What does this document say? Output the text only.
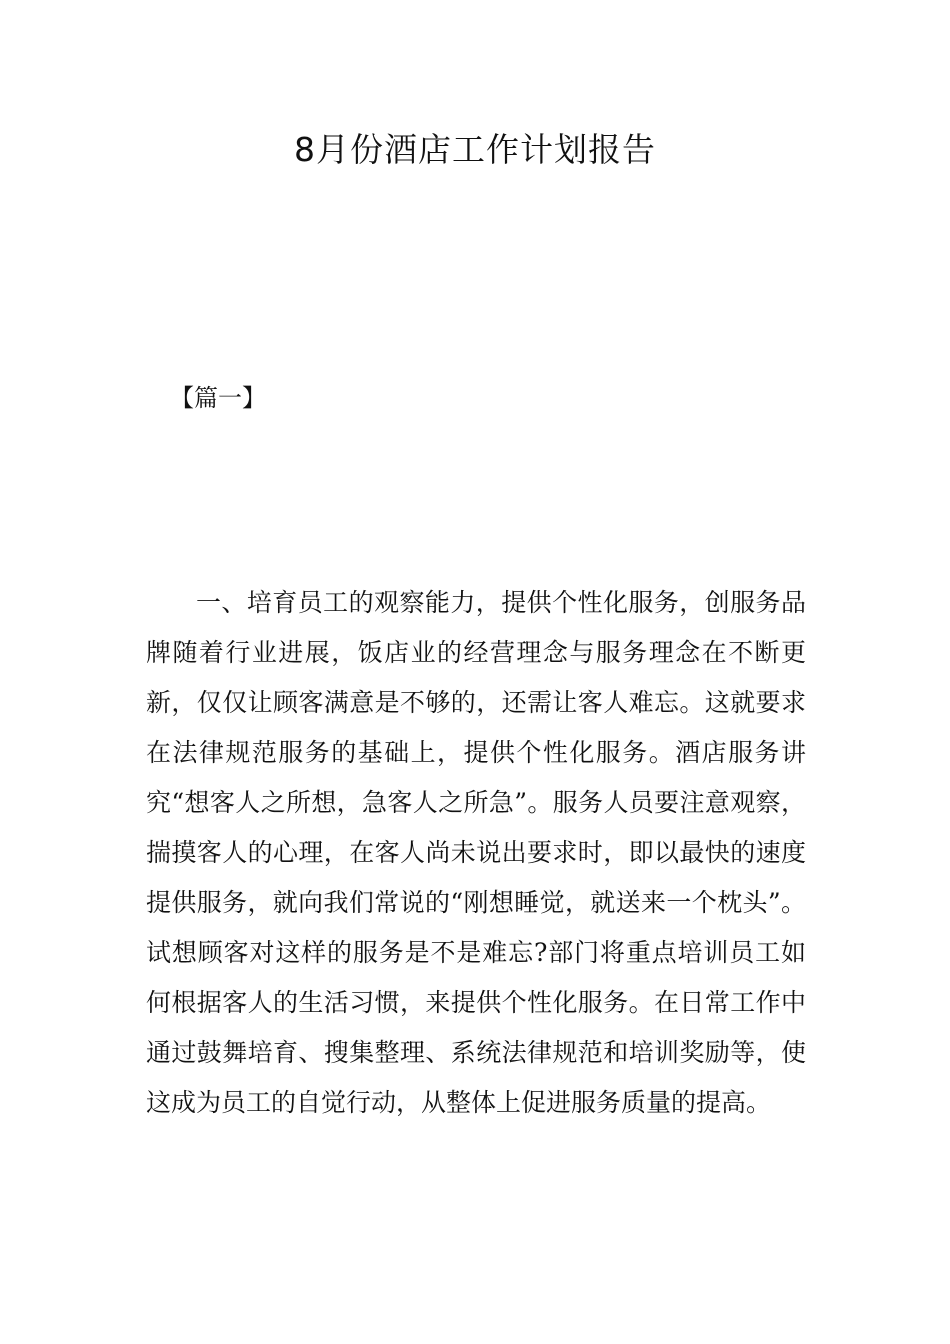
8月份酒店工作计划报告
【篇一】

一、培育员工的观察能力，提供个性化服务，创服务品牌随着行业进展，饭店业的经营理念与服务理念在不断更新，仅仅让顾客满意是不够的，还需让客人难忘。这就要求在法律规范服务的基础上，提供个性化服务。酒店服务讲究“想客人之所想，急客人之所急”。服务人员要注意观察，揣摸客人的心理，在客人尚未说出要求时，即以最快的速度提供服务，就向我们常说的“刚想睡觉，就送来一个枕头”。试想顾客对这样的服务是不是难忘?部门将重点培训员工如何根据客人的生活习惯，来提供个性化服务。在日常工作中通过鼓舞培育、搜集整理、系统法律规范和培训奖励等，使这成为员工的自觉行动，从整体上促进服务质量的提高。
